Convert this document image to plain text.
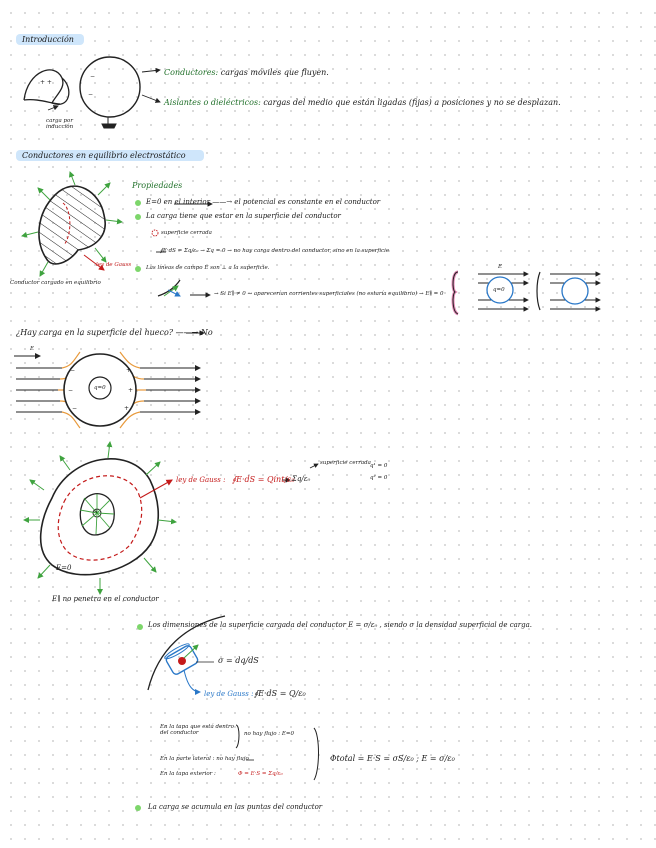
Introducción
Conductores en equilibrio electrostático
+ +
−
−
−
−
−
+
+
+
Conductores: cargas móviles que fluyen.
Aislantes o dieléctricos: cargas del medio que están ligadas (fijas) a posiciones y no se desplazan.
carga por inducción
Conductor cargado en equilibrio
ley de Gauss
Propiedades
E=0 en el interior ——→ el potencial es constante en el conductor
La carga tiene que estar en la superficie del conductor
superficie cerrada
∮E·dS = Σq/ε₀ → Σq = 0 → no hay carga dentro del conductor, sino en la superficie
Las líneas de campo E son ⊥ a la superficie.
→ Si E∥ ≠ 0 → aparecerían corrientes superficiales (no estaría equilibrio) → E∥ = 0
E
q=0
¿Hay carga en la superficie del hueco? ——→ No
E
q=0
ley de Gauss : ∮E·dS = Qint/ε₀
Σq/ε₀
superficie cerrada q¹ = 0
q² = 0
E=0
q
E∥ no penetra en el conductor
Los dimensiones de la superficie cargada del conductor E = σ/ε₀ , siendo σ la densidad superficial de carga.
σ = dq/dS
ley de Gauss : ∮E·dS = Q/ε₀
En la tapa que está dentro del conductor	no hay flujo : E=0
En la parte lateral : no hay flujo
En la tapa exterior :	Φ = E·S = Σq/ε₀
Φtotal = E·S = σS/ε₀ ; E = σ/ε₀
La carga se acumula en las puntas del conductor
